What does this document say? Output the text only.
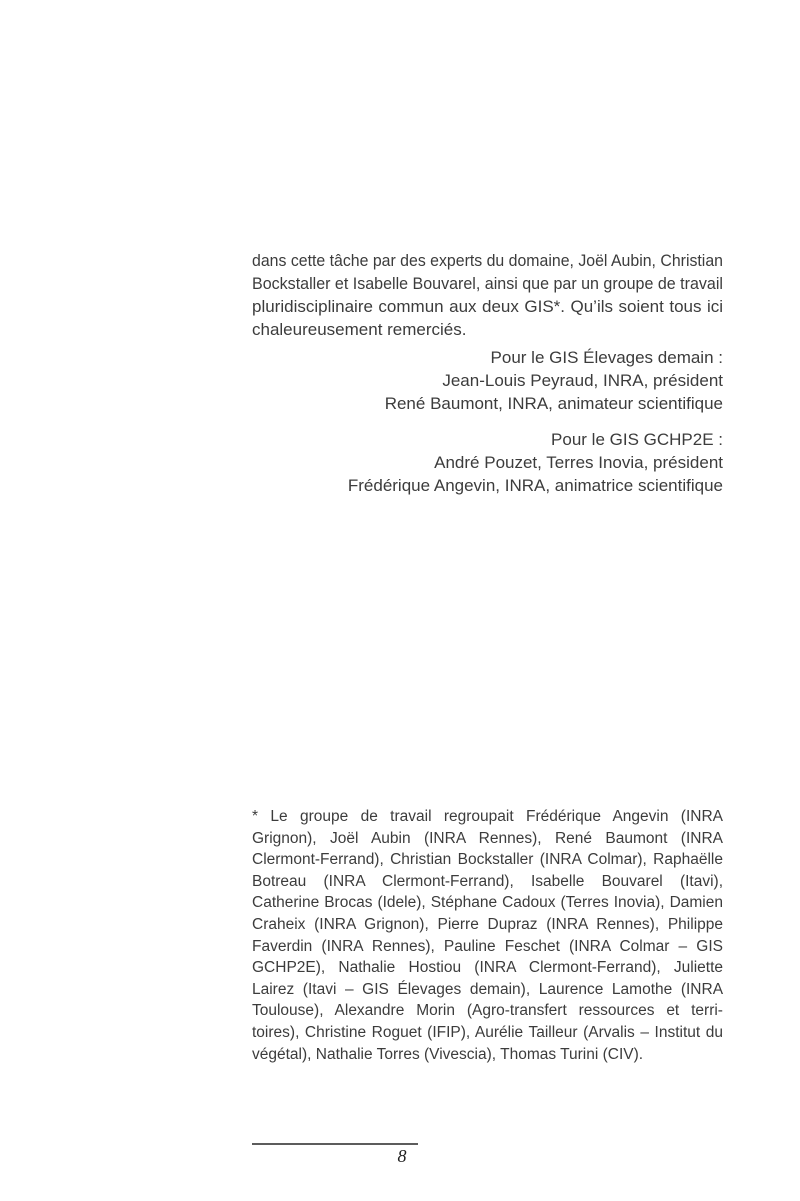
dans cette tâche par des experts du domaine, Joël Aubin, Christian
Bockstaller et Isabelle Bouvarel, ainsi que par un groupe de travail
pluridisciplinaire commun aux deux GIS*. Qu’ils soient tous ici
chaleureusement remerciés.
Pour le GIS Élevages demain :
Jean-Louis Peyraud, INRA, président
René Baumont, INRA, animateur scientifique
Pour le GIS GCHP2E :
André Pouzet, Terres Inovia, président
Frédérique Angevin, INRA, animatrice scientifique
* Le groupe de travail regroupait Frédérique Angevin (INRA
Grignon), Joël Aubin (INRA Rennes), René Baumont (INRA
Clermont-Ferrand), Christian Bockstaller (INRA Colmar), Raphaëlle
Botreau (INRA Clermont-Ferrand), Isabelle Bouvarel (Itavi),
Catherine Brocas (Idele), Stéphane Cadoux (Terres Inovia), Damien
Craheix (INRA Grignon), Pierre Dupraz (INRA Rennes), Philippe
Faverdin (INRA Rennes), Pauline Feschet (INRA Colmar – GIS
GCHP2E), Nathalie Hostiou (INRA Clermont-Ferrand), Juliette
Lairez (Itavi – GIS Élevages demain), Laurence Lamothe (INRA
Toulouse), Alexandre Morin (Agro-transfert ressources et terri-
toires), Christine Roguet (IFIP), Aurélie Tailleur (Arvalis – Institut du
végétal), Nathalie Torres (Vivescia), Thomas Turini (CIV).
8
